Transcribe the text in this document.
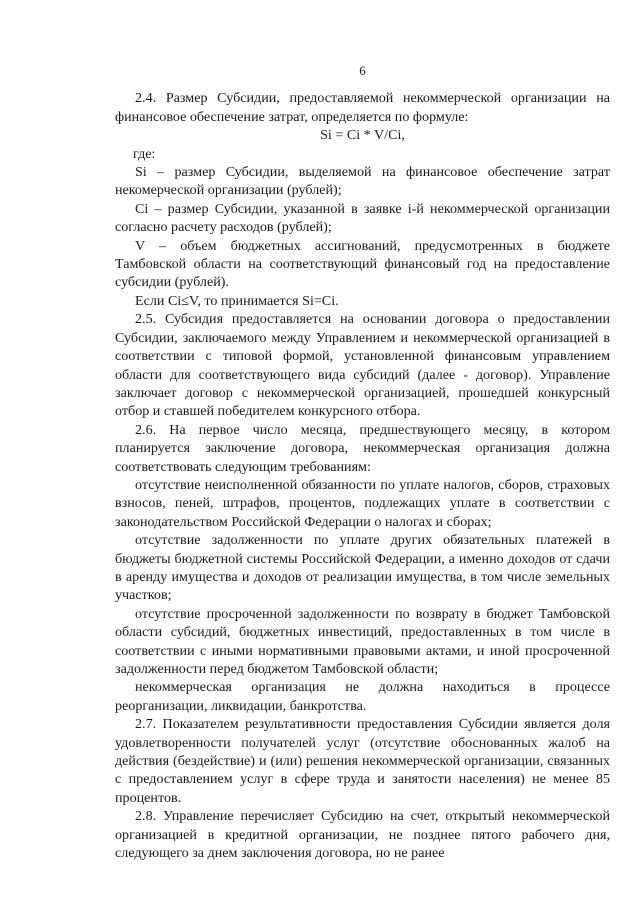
6

2.4. Размер Субсидии, предоставляемой некоммерческой организации на финансовое обеспечение затрат, определяется по формуле:

Si = Ci * V/Ci,

где:

Si – размер Субсидии, выделяемой на финансовое обеспечение затрат некомерческой организации (рублей);

Ci – размер Субсидии, указанной в заявке i-й некоммерческой организации согласно расчету расходов (рублей);

V – объем бюджетных ассигнований, предусмотренных в бюджете Тамбовской области на соответствующий финансовый год на предоставление субсидии (рублей).

Если Ci≤V, то принимается Si=Ci.

2.5. Субсидия предоставляется на основании договора о предоставлении Субсидии, заключаемого между Управлением и некоммерческой организацией в соответствии с типовой формой, установленной финансовым управлением области для соответствующего вида субсидий (далее - договор). Управление заключает договор с некоммерческой организацией, прошедшей конкурсный отбор и ставшей победителем конкурсного отбора.

2.6. На первое число месяца, предшествующего месяцу, в котором планируется заключение договора, некоммерческая организация должна соответствовать следующим требованиям:

отсутствие неисполненной обязанности по уплате налогов, сборов, страховых взносов, пеней, штрафов, процентов, подлежащих уплате в соответствии с законодательством Российской Федерации о налогах и сборах;

отсутствие задолженности по уплате других обязательных платежей в бюджеты бюджетной системы Российской Федерации, а именно доходов от сдачи в аренду имущества и доходов от реализации имущества, в том числе земельных участков;

отсутствие просроченной задолженности по возврату в бюджет Тамбовской области субсидий, бюджетных инвестиций, предоставленных в том числе в соответствии с иными нормативными правовыми актами, и иной просроченной задолженности перед бюджетом Тамбовской области;

некоммерческая организация не должна находиться в процессе реорганизации, ликвидации, банкротства.

2.7. Показателем результативности предоставления Субсидии является доля удовлетворенности получателей услуг (отсутствие обоснованных жалоб на действия (бездействие) и (или) решения некоммерческой организации, связанных с предоставлением услуг в сфере труда и занятости населения) не менее 85 процентов.

2.8. Управление перечисляет Субсидию на счет, открытый некоммерческой организацией в кредитной организации, не позднее пятого рабочего дня, следующего за днем заключения договора, но не ранее
